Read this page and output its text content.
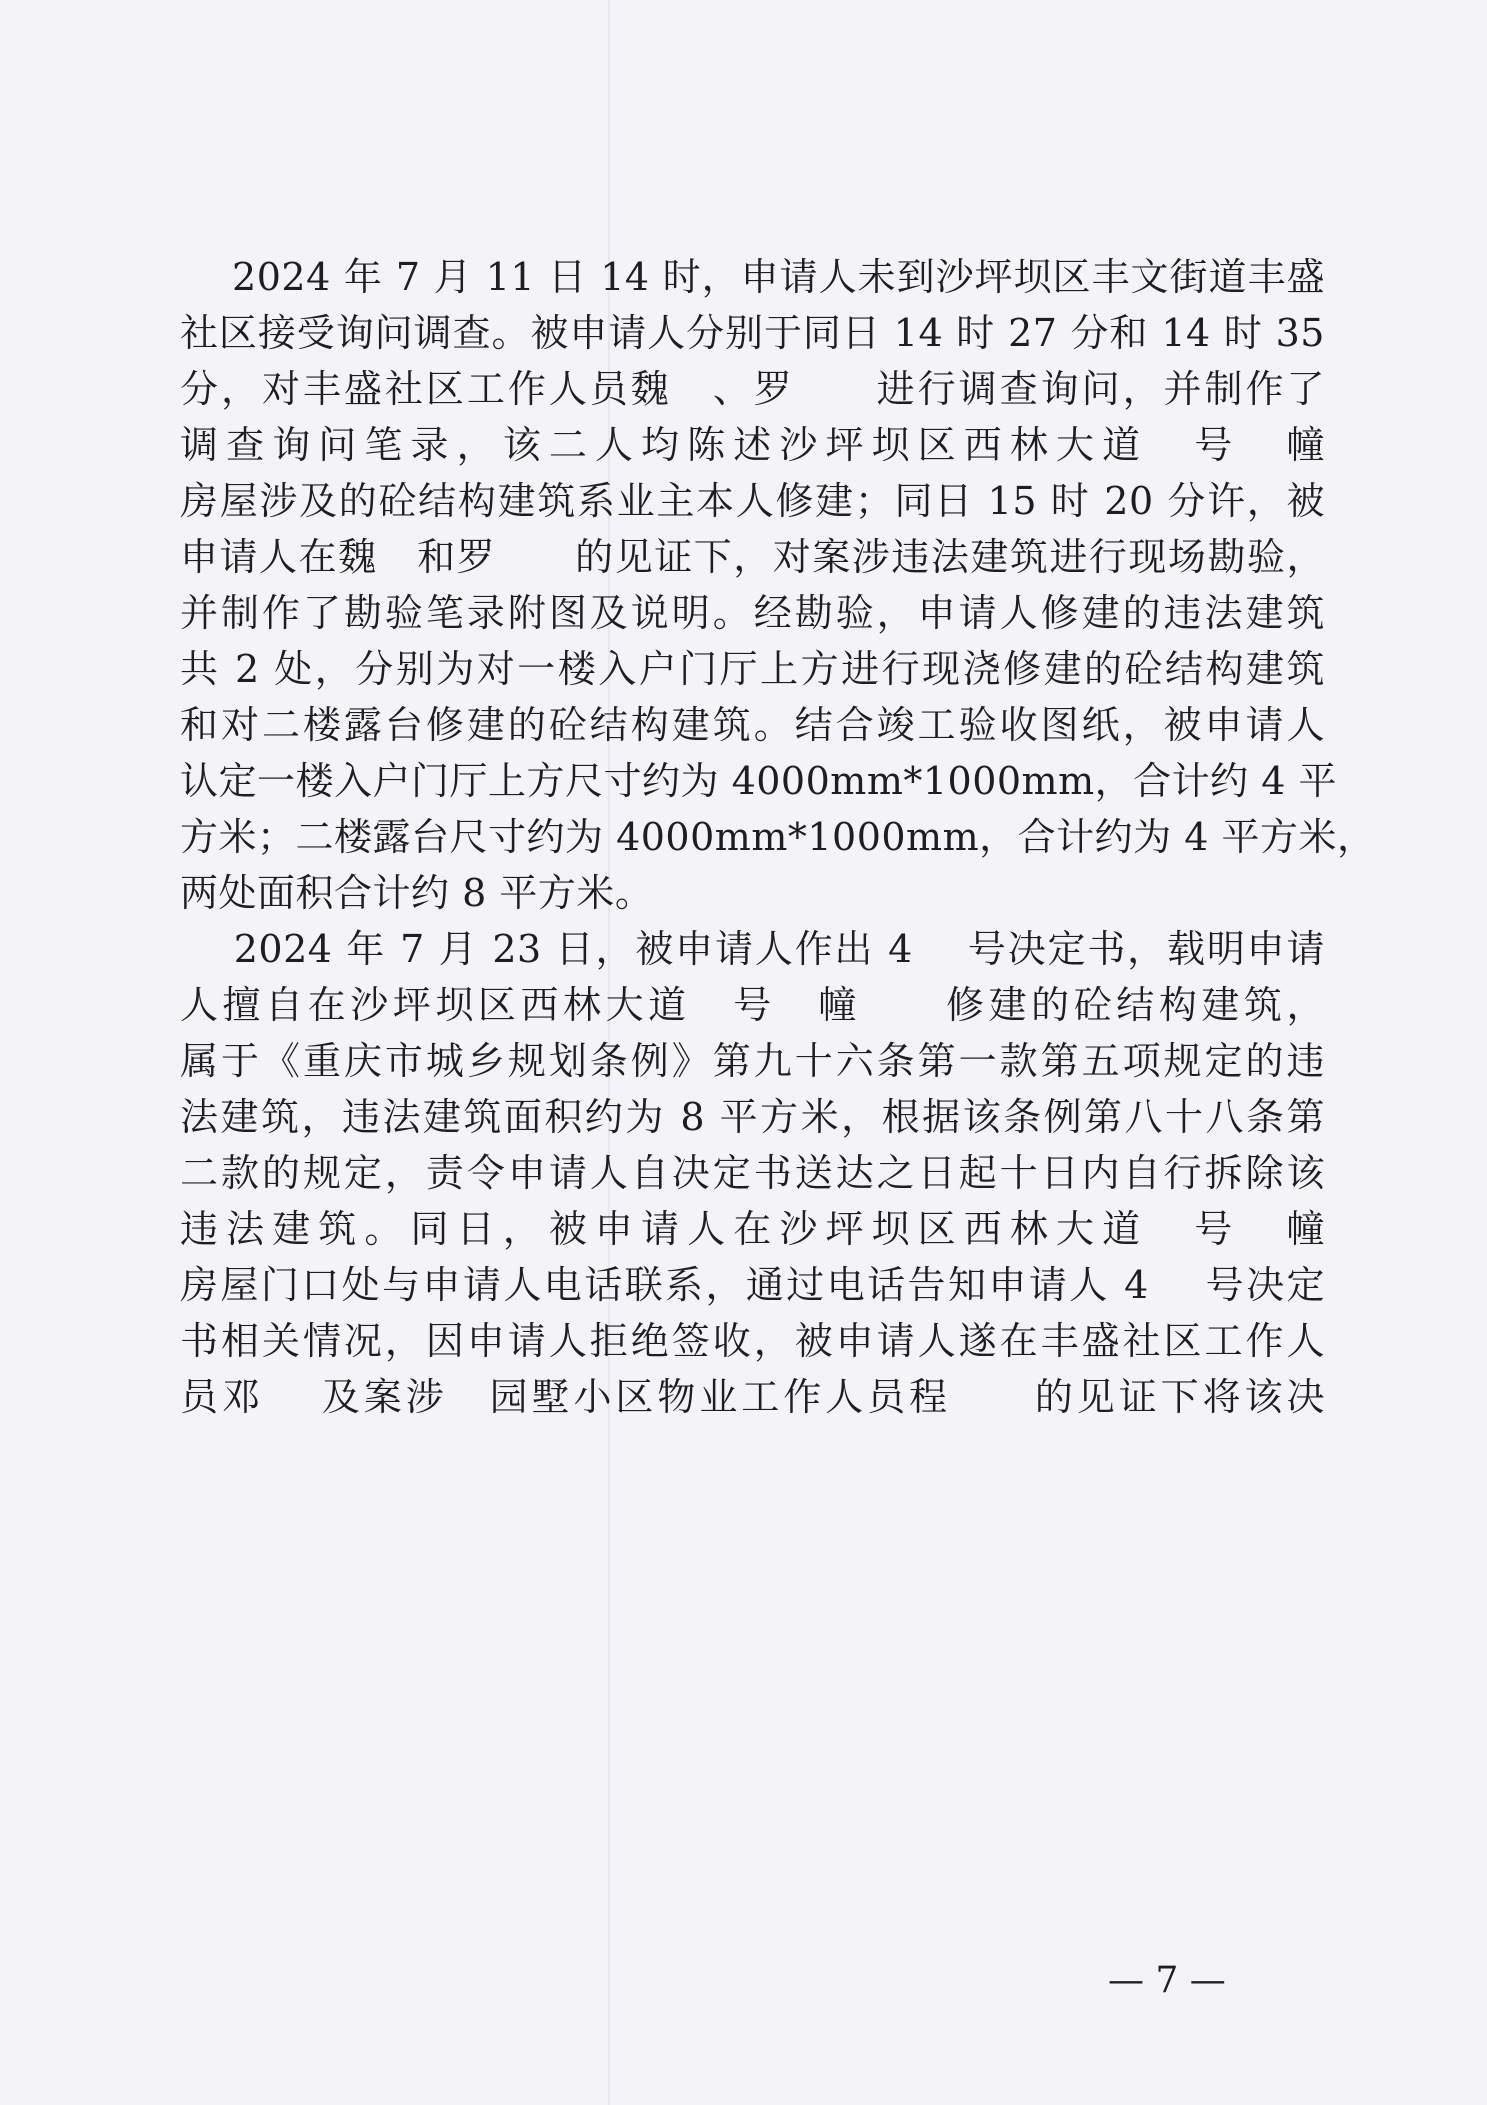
　 2024 年 7 月 11 日 14 时，申请人未到沙坪坝区丰文街道丰盛
社区接受询问调查。被申请人分别于同日 14 时 27 分和 14 时 35
分，对丰盛社区工作人员魏　、罗　　进行调查询问，并制作了
调查询问笔录，该二人均陈述沙坪坝区西林大道　号　幢　　
房屋涉及的砼结构建筑系业主本人修建；同日 15 时 20 分许，被
申请人在魏　和罗　　的见证下，对案涉违法建筑进行现场勘验，
并制作了勘验笔录附图及说明。经勘验，申请人修建的违法建筑
共 2 处，分别为对一楼入户门厅上方进行现浇修建的砼结构建筑
和对二楼露台修建的砼结构建筑。结合竣工验收图纸，被申请人
认定一楼入户门厅上方尺寸约为 4000mm*1000mm，合计约 4 平
方米；二楼露台尺寸约为 4000mm*1000mm，合计约为 4 平方米，
两处面积合计约 8 平方米。
　 2024 年 7 月 23 日，被申请人作出 4　 号决定书，载明申请
人擅自在沙坪坝区西林大道　号　幢　　修建的砼结构建筑，
属于《重庆市城乡规划条例》第九十六条第一款第五项规定的违
法建筑，违法建筑面积约为 8 平方米，根据该条例第八十八条第
二款的规定，责令申请人自决定书送达之日起十日内自行拆除该
违法建筑。同日，被申请人在沙坪坝区西林大道　号　幢　　
房屋门口处与申请人电话联系，通过电话告知申请人 4　 号决定
书相关情况，因申请人拒绝签收，被申请人遂在丰盛社区工作人
员邓　 及案涉　园墅小区物业工作人员程　　的见证下将该决
— 7 —
